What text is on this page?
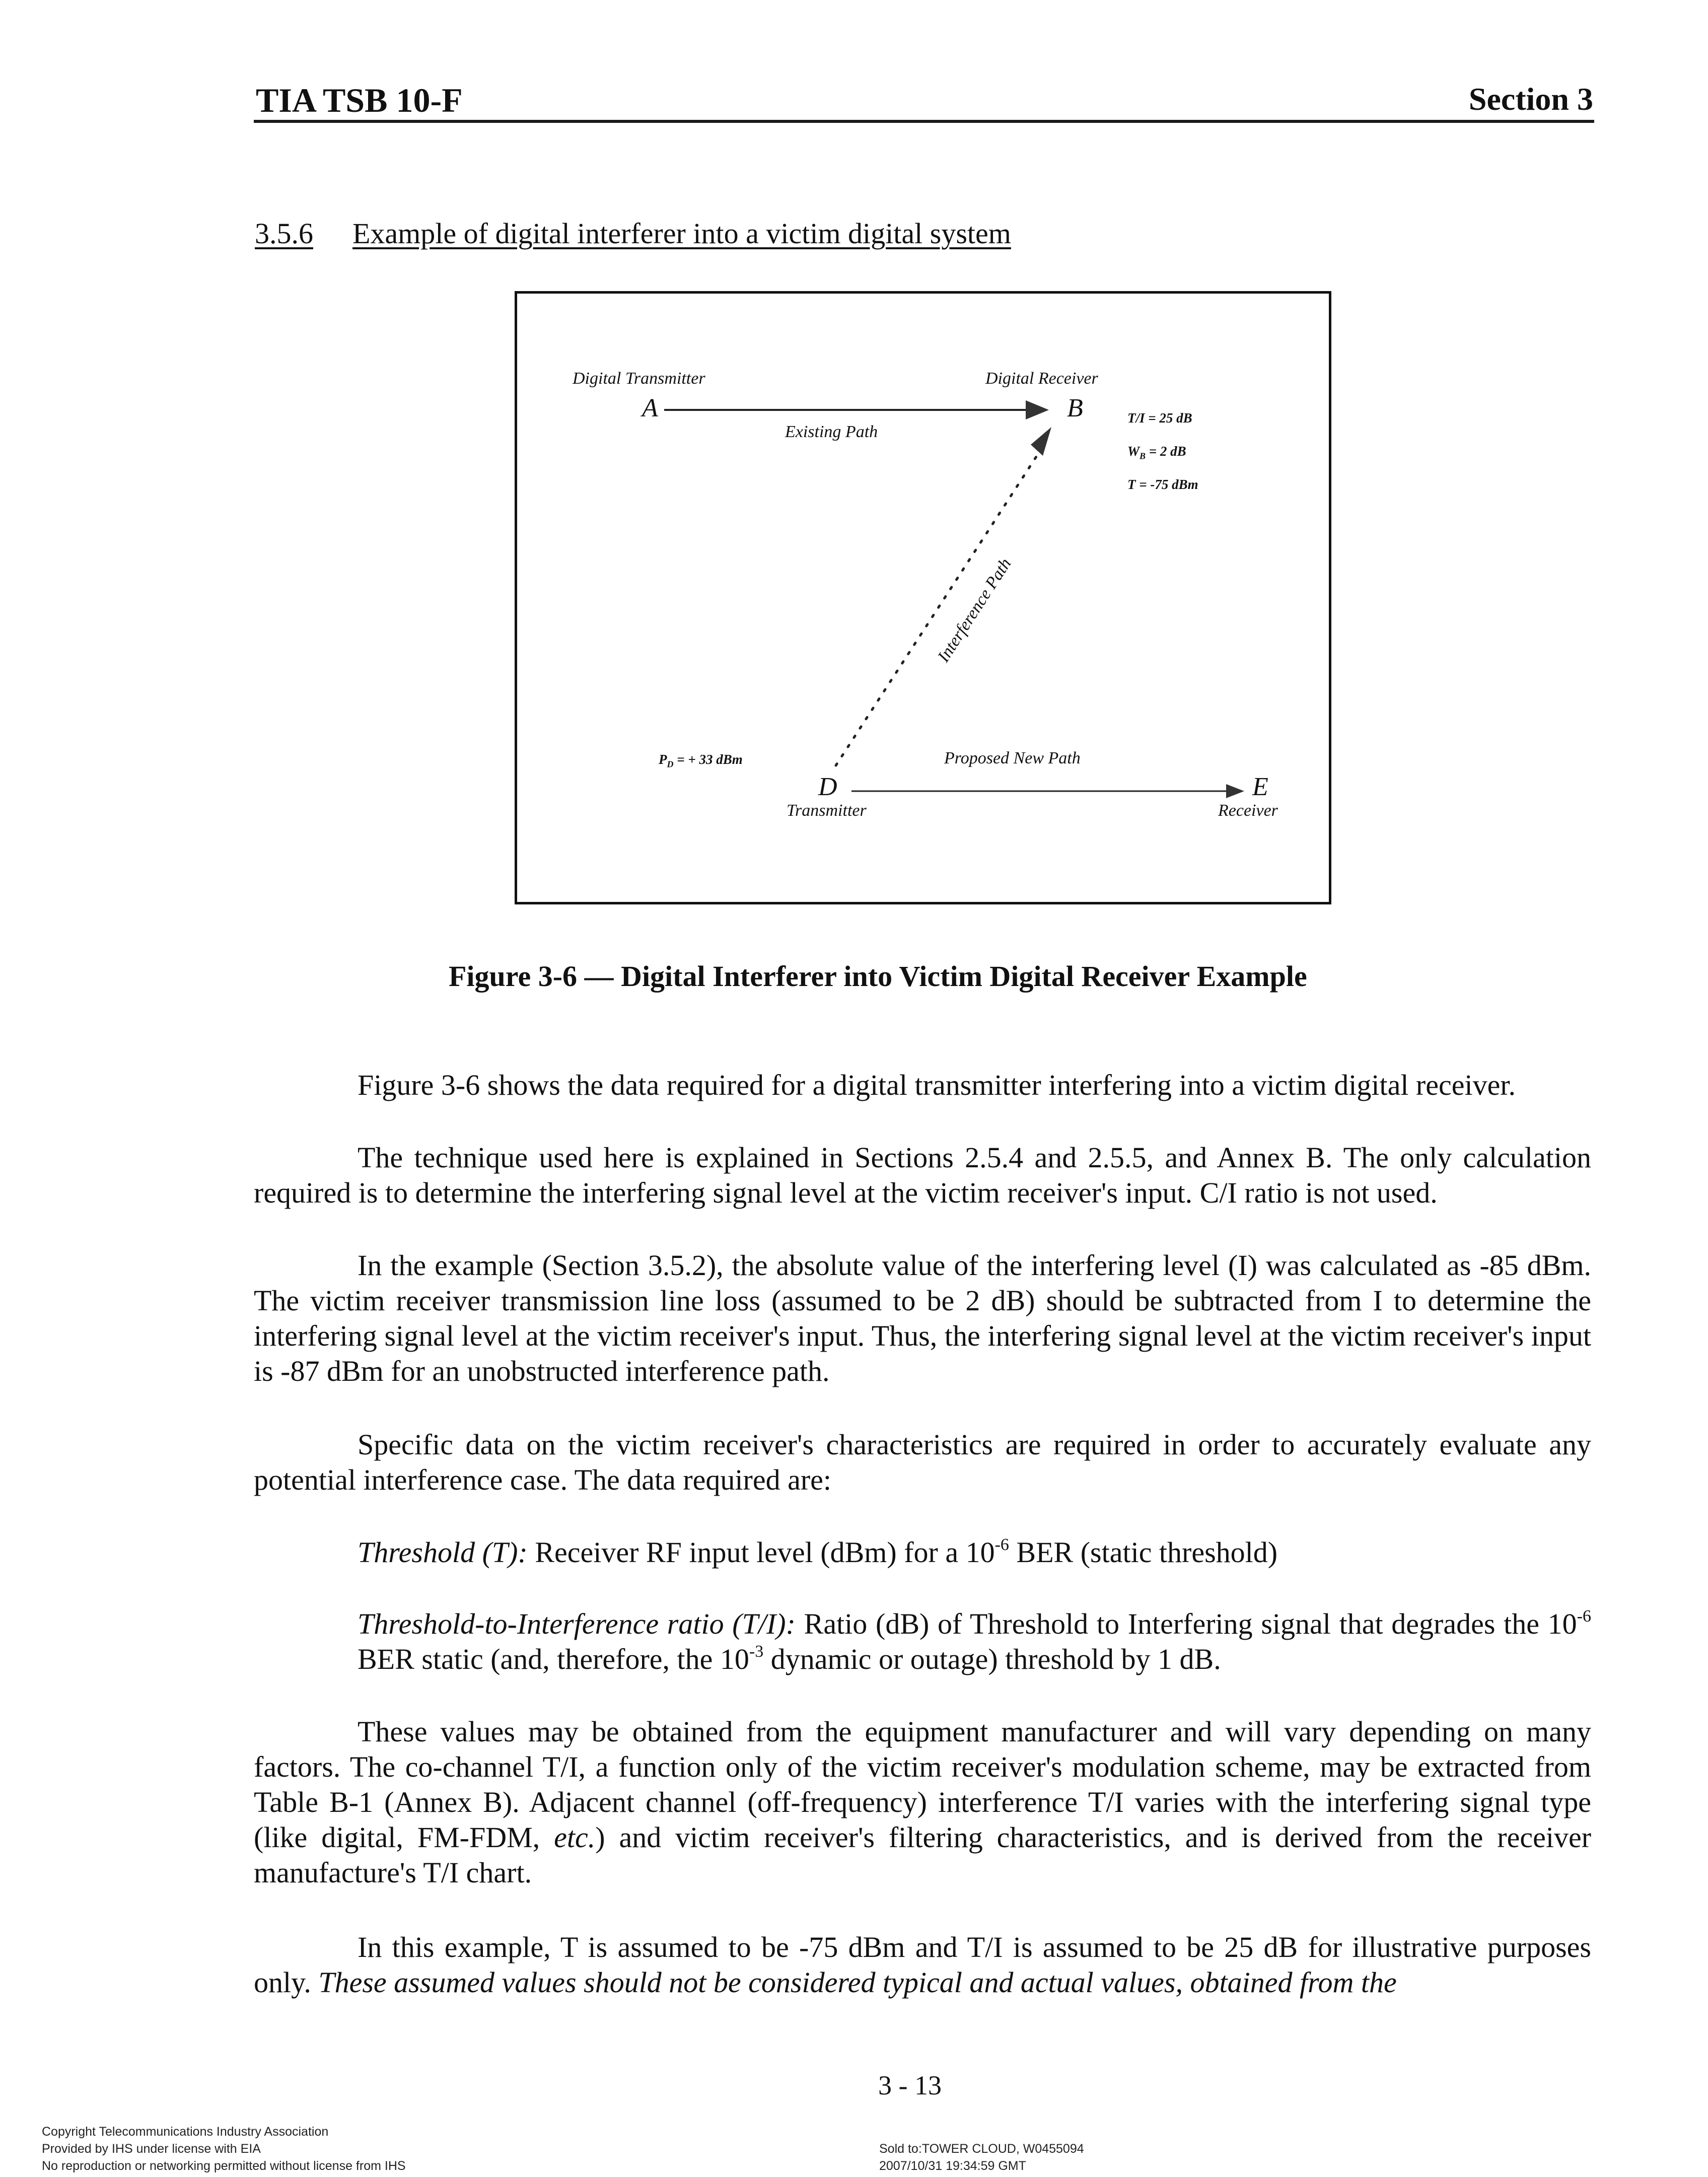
TIA TSB 10-F	Section 3
3.5.6 Example of digital interferer into a victim digital system
Digital Transmitter
A
Existing Path
Digital Receiver
B	T/I = 25 dB
$W_B = 2$ dB
T = -75 dBm
Interference Path
$P_D$ = + 33 dBm	Proposed New Path
D	E
Transmitter	Receiver
Figure 3-6 — Digital Interferer into Victim Digital Receiver Example
Figure 3-6 shows the data required for a digital transmitter interfering into a victim digital receiver.
The technique used here is explained in Sections 2.5.4 and 2.5.5, and Annex B. The only calculation required is to determine the interfering signal level at the victim receiver's input. C/I ratio is not used.
In the example (Section 3.5.2), the absolute value of the interfering level (I) was calculated as -85 dBm. The victim receiver transmission line loss (assumed to be 2 dB) should be subtracted from I to determine the interfering signal level at the victim receiver's input. Thus, the interfering signal level at the victim receiver's input is -87 dBm for an unobstructed interference path.
Specific data on the victim receiver's characteristics are required in order to accurately evaluate any potential interference case. The data required are:
Threshold (T): Receiver RF input level (dBm) for a $10^{-6}$ BER (static threshold)
Threshold-to-Interference ratio (T/I): Ratio (dB) of Threshold to Interfering signal that degrades the $10^{-6}$ BER static (and, therefore, the $10^{-3}$ dynamic or outage) threshold by 1 dB.
These values may be obtained from the equipment manufacturer and will vary depending on many factors. The co-channel T/I, a function only of the victim receiver's modulation scheme, may be extracted from Table B-1 (Annex B). Adjacent channel (off-frequency) interference T/I varies with the interfering signal type (like digital, FM-FDM, etc.) and victim receiver's filtering characteristics, and is derived from the receiver manufacture's T/I chart.
In this example, T is assumed to be -75 dBm and T/I is assumed to be 25 dB for illustrative purposes only. These assumed values should not be considered typical and actual values, obtained from the
3 - 13
Copyright Telecommunications Industry Association
Provided by IHS under license with EIA
No reproduction or networking permitted without license from IHS
Sold to:TOWER CLOUD, W0455094
2007/10/31 19:34:59 GMT
